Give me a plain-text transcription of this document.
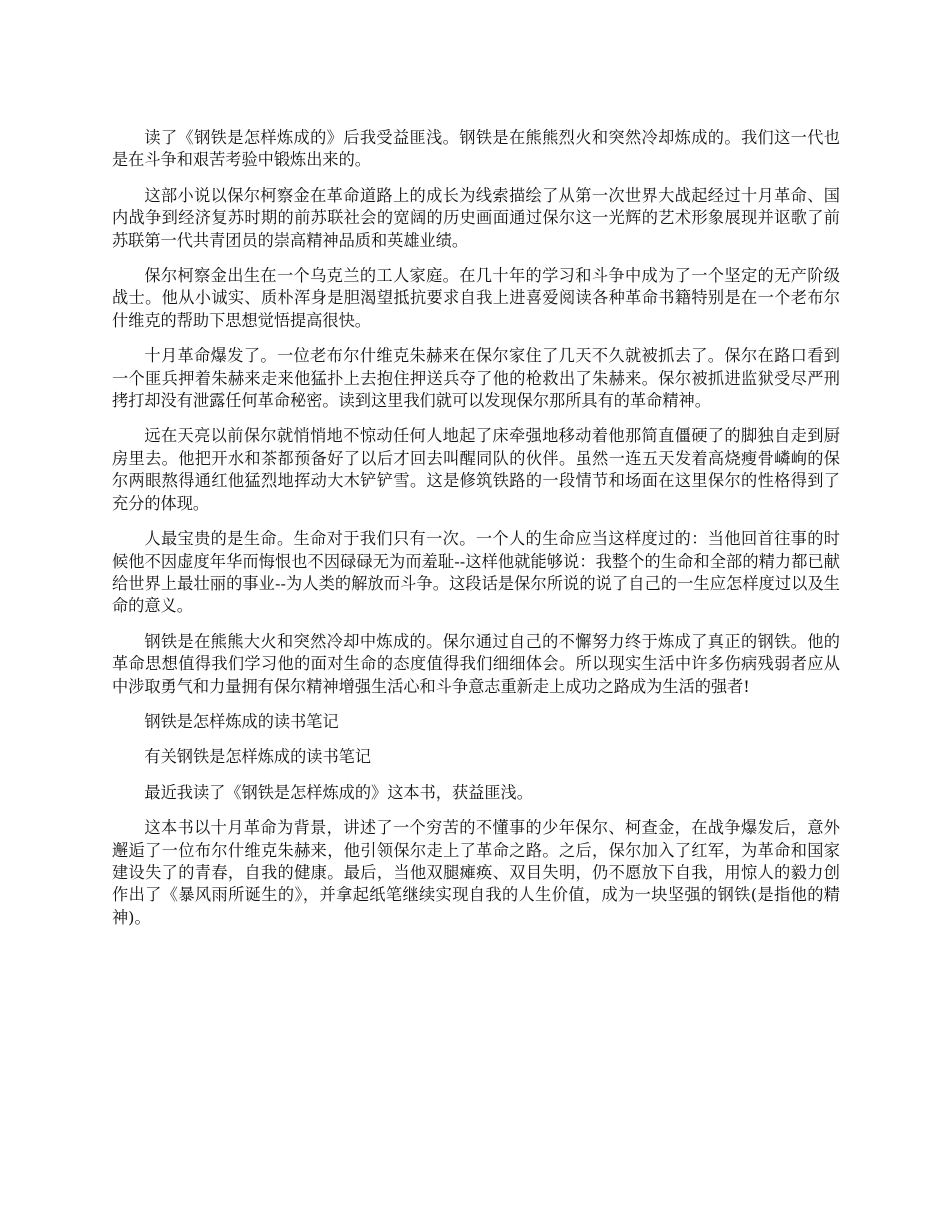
读了《钢铁是怎样炼成的》后我受益匪浅。钢铁是在熊熊烈火和突然冷却炼成的。我们这一代也是在斗争和艰苦考验中锻炼出来的。

这部小说以保尔柯察金在革命道路上的成长为线索描绘了从第一次世界大战起经过十月革命、国内战争到经济复苏时期的前苏联社会的宽阔的历史画面通过保尔这一光辉的艺术形象展现并讴歌了前苏联第一代共青团员的崇高精神品质和英雄业绩。

保尔柯察金出生在一个乌克兰的工人家庭。在几十年的学习和斗争中成为了一个坚定的无产阶级战士。他从小诚实、质朴浑身是胆渴望抵抗要求自我上进喜爱阅读各种革命书籍特别是在一个老布尔什维克的帮助下思想觉悟提高很快。

十月革命爆发了。一位老布尔什维克朱赫来在保尔家住了几天不久就被抓去了。保尔在路口看到一个匪兵押着朱赫来走来他猛扑上去抱住押送兵夺了他的枪救出了朱赫来。保尔被抓进监狱受尽严刑拷打却没有泄露任何革命秘密。读到这里我们就可以发现保尔那所具有的革命精神。

远在天亮以前保尔就悄悄地不惊动任何人地起了床牵强地移动着他那简直僵硬了的脚独自走到厨房里去。他把开水和茶都预备好了以后才回去叫醒同队的伙伴。虽然一连五天发着高烧瘦骨嶙峋的保尔两眼熬得通红他猛烈地挥动大木铲铲雪。这是修筑铁路的一段情节和场面在这里保尔的性格得到了充分的体现。

人最宝贵的是生命。生命对于我们只有一次。一个人的生命应当这样度过的：当他回首往事的时候他不因虚度年华而悔恨也不因碌碌无为而羞耻--这样他就能够说：我整个的生命和全部的精力都已献给世界上最壮丽的事业--为人类的解放而斗争。这段话是保尔所说的说了自己的一生应怎样度过以及生命的意义。

钢铁是在熊熊大火和突然冷却中炼成的。保尔通过自己的不懈努力终于炼成了真正的钢铁。他的革命思想值得我们学习他的面对生命的态度值得我们细细体会。所以现实生活中许多伤病残弱者应从中涉取勇气和力量拥有保尔精神增强生活心和斗争意志重新走上成功之路成为生活的强者!

钢铁是怎样炼成的读书笔记

有关钢铁是怎样炼成的读书笔记

最近我读了《钢铁是怎样炼成的》这本书，获益匪浅。

这本书以十月革命为背景，讲述了一个穷苦的不懂事的少年保尔、柯查金，在战争爆发后，意外邂逅了一位布尔什维克朱赫来，他引领保尔走上了革命之路。之后，保尔加入了红军，为革命和国家建设失了的青春，自我的健康。最后，当他双腿瘫痪、双目失明，仍不愿放下自我，用惊人的毅力创作出了《暴风雨所诞生的》，并拿起纸笔继续实现自我的人生价值，成为一块坚强的钢铁(是指他的精神)。
